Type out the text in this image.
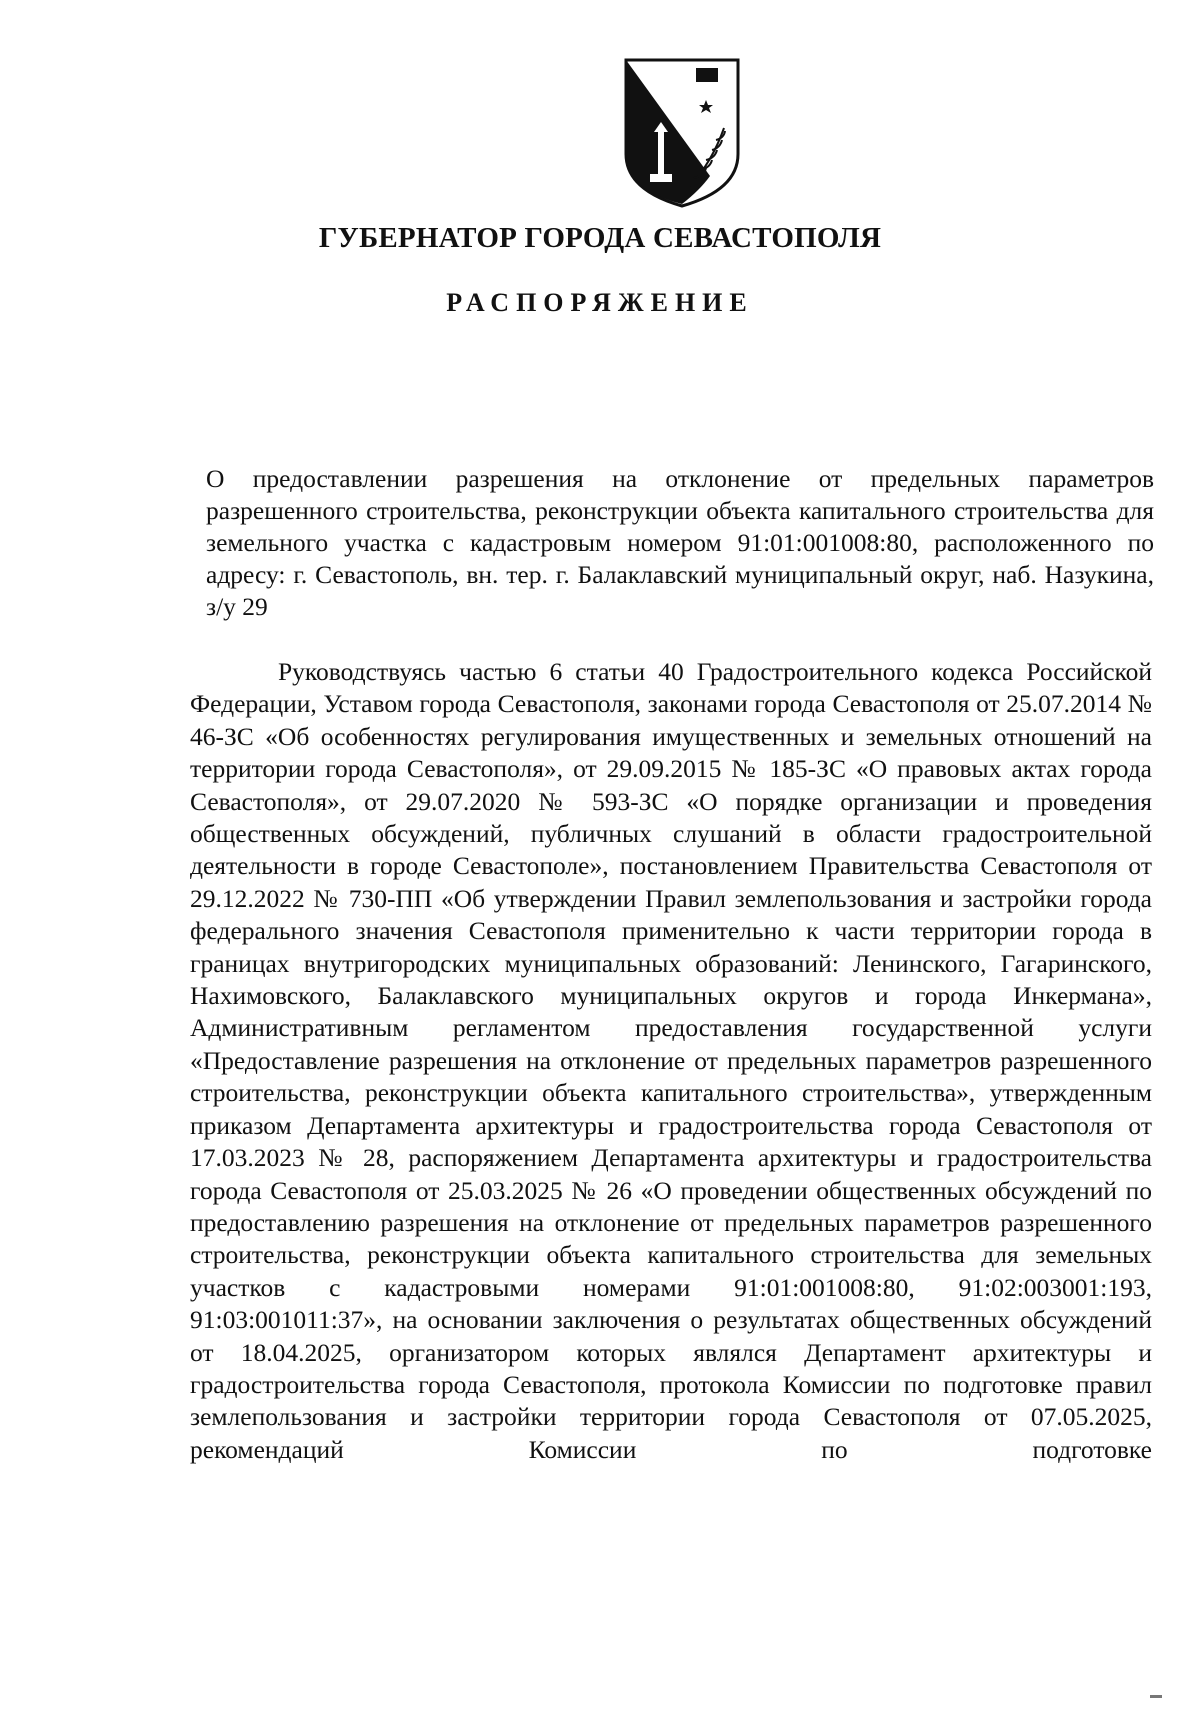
ГУБЕРНАТОР ГОРОДА СЕВАСТОПОЛЯ
РАСПОРЯЖЕНИЕ

О предоставлении разрешения на отклонение от предельных параметров разрешенного строительства, реконструкции объекта капитального строительства для земельного участка с кадастровым номером 91:01:001008:80, расположенного по адресу: г. Севастополь, вн. тер. г. Балаклавский муниципальный округ, наб. Назукина, з/у 29

Руководствуясь частью 6 статьи 40 Градостроительного кодекса Российской Федерации, Уставом города Севастополя, законами города Севастополя от 25.07.2014 № 46-ЗС «Об особенностях регулирования имущественных и земельных отношений на территории города Севастополя», от 29.09.2015 № 185-ЗС «О правовых актах города Севастополя», от 29.07.2020 № 593-ЗС «О порядке организации и проведения общественных обсуждений, публичных слушаний в области градостроительной деятельности в городе Севастополе», постановлением Правительства Севастополя от 29.12.2022 № 730-ПП «Об утверждении Правил землепользования и застройки города федерального значения Севастополя применительно к части территории города в границах внутригородских муниципальных образований: Ленинского, Гагаринского, Нахимовского, Балаклавского муниципальных округов и города Инкермана», Административным регламентом предоставления государственной услуги «Предоставление разрешения на отклонение от предельных параметров разрешенного строительства, реконструкции объекта капитального строительства», утвержденным приказом Департамента архитектуры и градостроительства города Севастополя от 17.03.2023 № 28, распоряжением Департамента архитектуры и градостроительства города Севастополя от 25.03.2025 № 26 «О проведении общественных обсуждений по предоставлению разрешения на отклонение от предельных параметров разрешенного строительства, реконструкции объекта капитального строительства для земельных участков с кадастровыми номерами 91:01:001008:80, 91:02:003001:193, 91:03:001011:37», на основании заключения о результатах общественных обсуждений от 18.04.2025, организатором которых являлся Департамент архитектуры и градостроительства города Севастополя, протокола Комиссии по подготовке правил землепользования и застройки территории города Севастополя от 07.05.2025, рекомендаций Комиссии по подготовке
